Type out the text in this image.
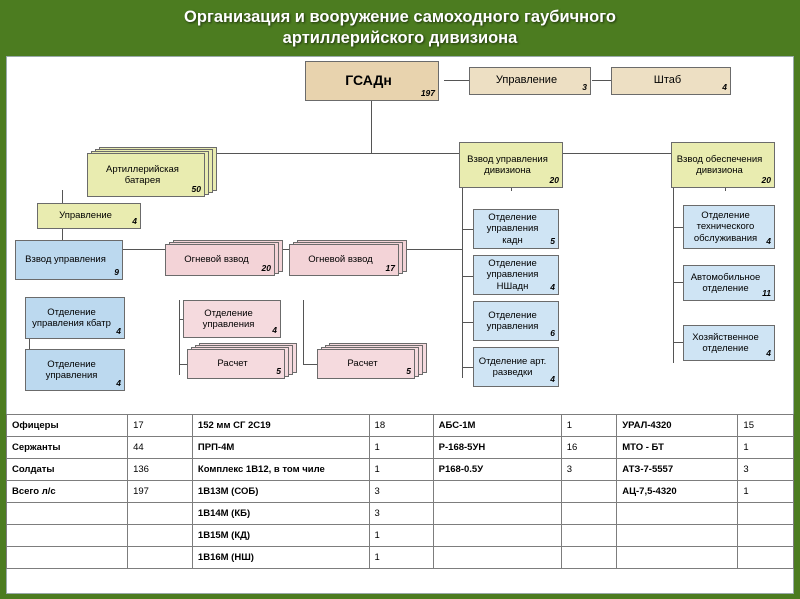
Организация и вооружение самоходного гаубичного
артиллерийского дивизиона
ГСАДн
197
Управление
3
Штаб
4
Артиллерийская батарея
50
Взвод управления дивизиона
20
Взвод обеспечения дивизиона
20
Управление 4
Взвод управления
9
Огневой взвод
20
Огневой взвод
17
Отделение управления кбатр
4
Отделение управления
4
Отделение управления	4
Расчет
5
Расчет
5
Отделение управления кадн	5
Отделение управления НШадн	4
Отделение управления
6
Отделение арт. разведки
4
Отделение технического обслуживания	4
Автомобильное отделение	11
Хозяйственное отделение	4
Офицеры	17	152 мм СГ 2С19	18	АБС-1М	1	УРАЛ-4320	15
Сержанты	44	ПРП-4М	1	Р-168-5УН	16	МТО - БТ	1
Солдаты	136	Комплекс 1В12, в том чиле	1	Р168-0.5У	3	АТЗ-7-5557	3
Всего л/с	197	1В13М (СОБ)	3			АЦ-7,5-4320	1
		1В14М (КБ)	3				
		1В15М (КД)	1				
		1В16М (НШ)	1				
